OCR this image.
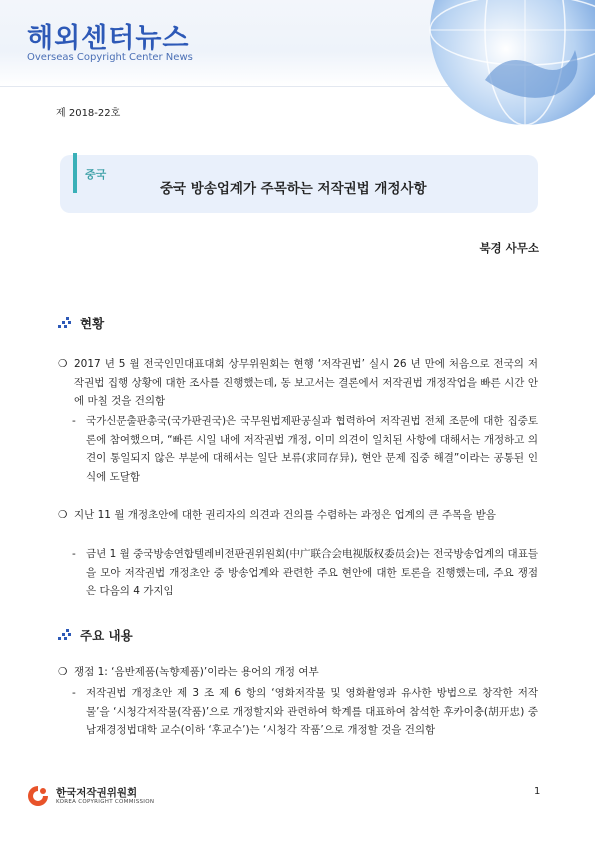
해외센터뉴스
Overseas Copyright Center News
제 2018-22호
중국
중국 방송업계가 주목하는 저작권법 개정사항
북경 사무소
현황
❍ 2017 년 5 월 전국인민대표대회 상무위원회는 현행 ‘저작권법’ 실시 26 년 만에 처음으로 전국의 저작권법 집행 상황에 대한 조사를 진행했는데, 동 보고서는 결론에서 저작권법 개정작업을 빠른 시간 안에 마칠 것을 건의함
- 국가신문출판총국(국가판권국)은 국무원법제판공실과 협력하여 저작권법 전체 조문에 대한 집중토론에 참여했으며, “빠른 시일 내에 저작권법 개정, 이미 의견이 일치된 사항에 대해서는 개정하고 의견이 통일되지 않은 부분에 대해서는 일단 보류(求同存异), 현안 문제 집중 해결”이라는 공통된 인식에 도달함
❍ 지난 11 월 개정초안에 대한 권리자의 의견과 건의를 수렴하는 과정은 업계의 큰 주목을 받음
- 금년 1 월 중국방송연합텔레비전판권위원회(中广联合会电视版权委员会)는 전국방송업계의 대표들을 모아 저작권법 개정초안 중 방송업계와 관련한 주요 현안에 대한 토론을 진행했는데, 주요 쟁점은 다음의 4 가지임
주요 내용
❍ 쟁점 1: ‘음반제품(녹향제품)’이라는 용어의 개정 여부
- 저작권법 개정초안 제 3 조 제 6 항의 ‘영화저작물 및 영화촬영과 유사한 방법으로 창작한 저작물’을 ‘시청각저작물(작품)’으로 개정할지와 관련하여 학계를 대표하여 참석한 후카이충(胡开忠) 중남재경정법대학 교수(이하 ‘후교수’)는 ‘시청각 작품’으로 개정할 것을 건의함
한국저작권위원회
KOREA COPYRIGHT COMMISSION
1
